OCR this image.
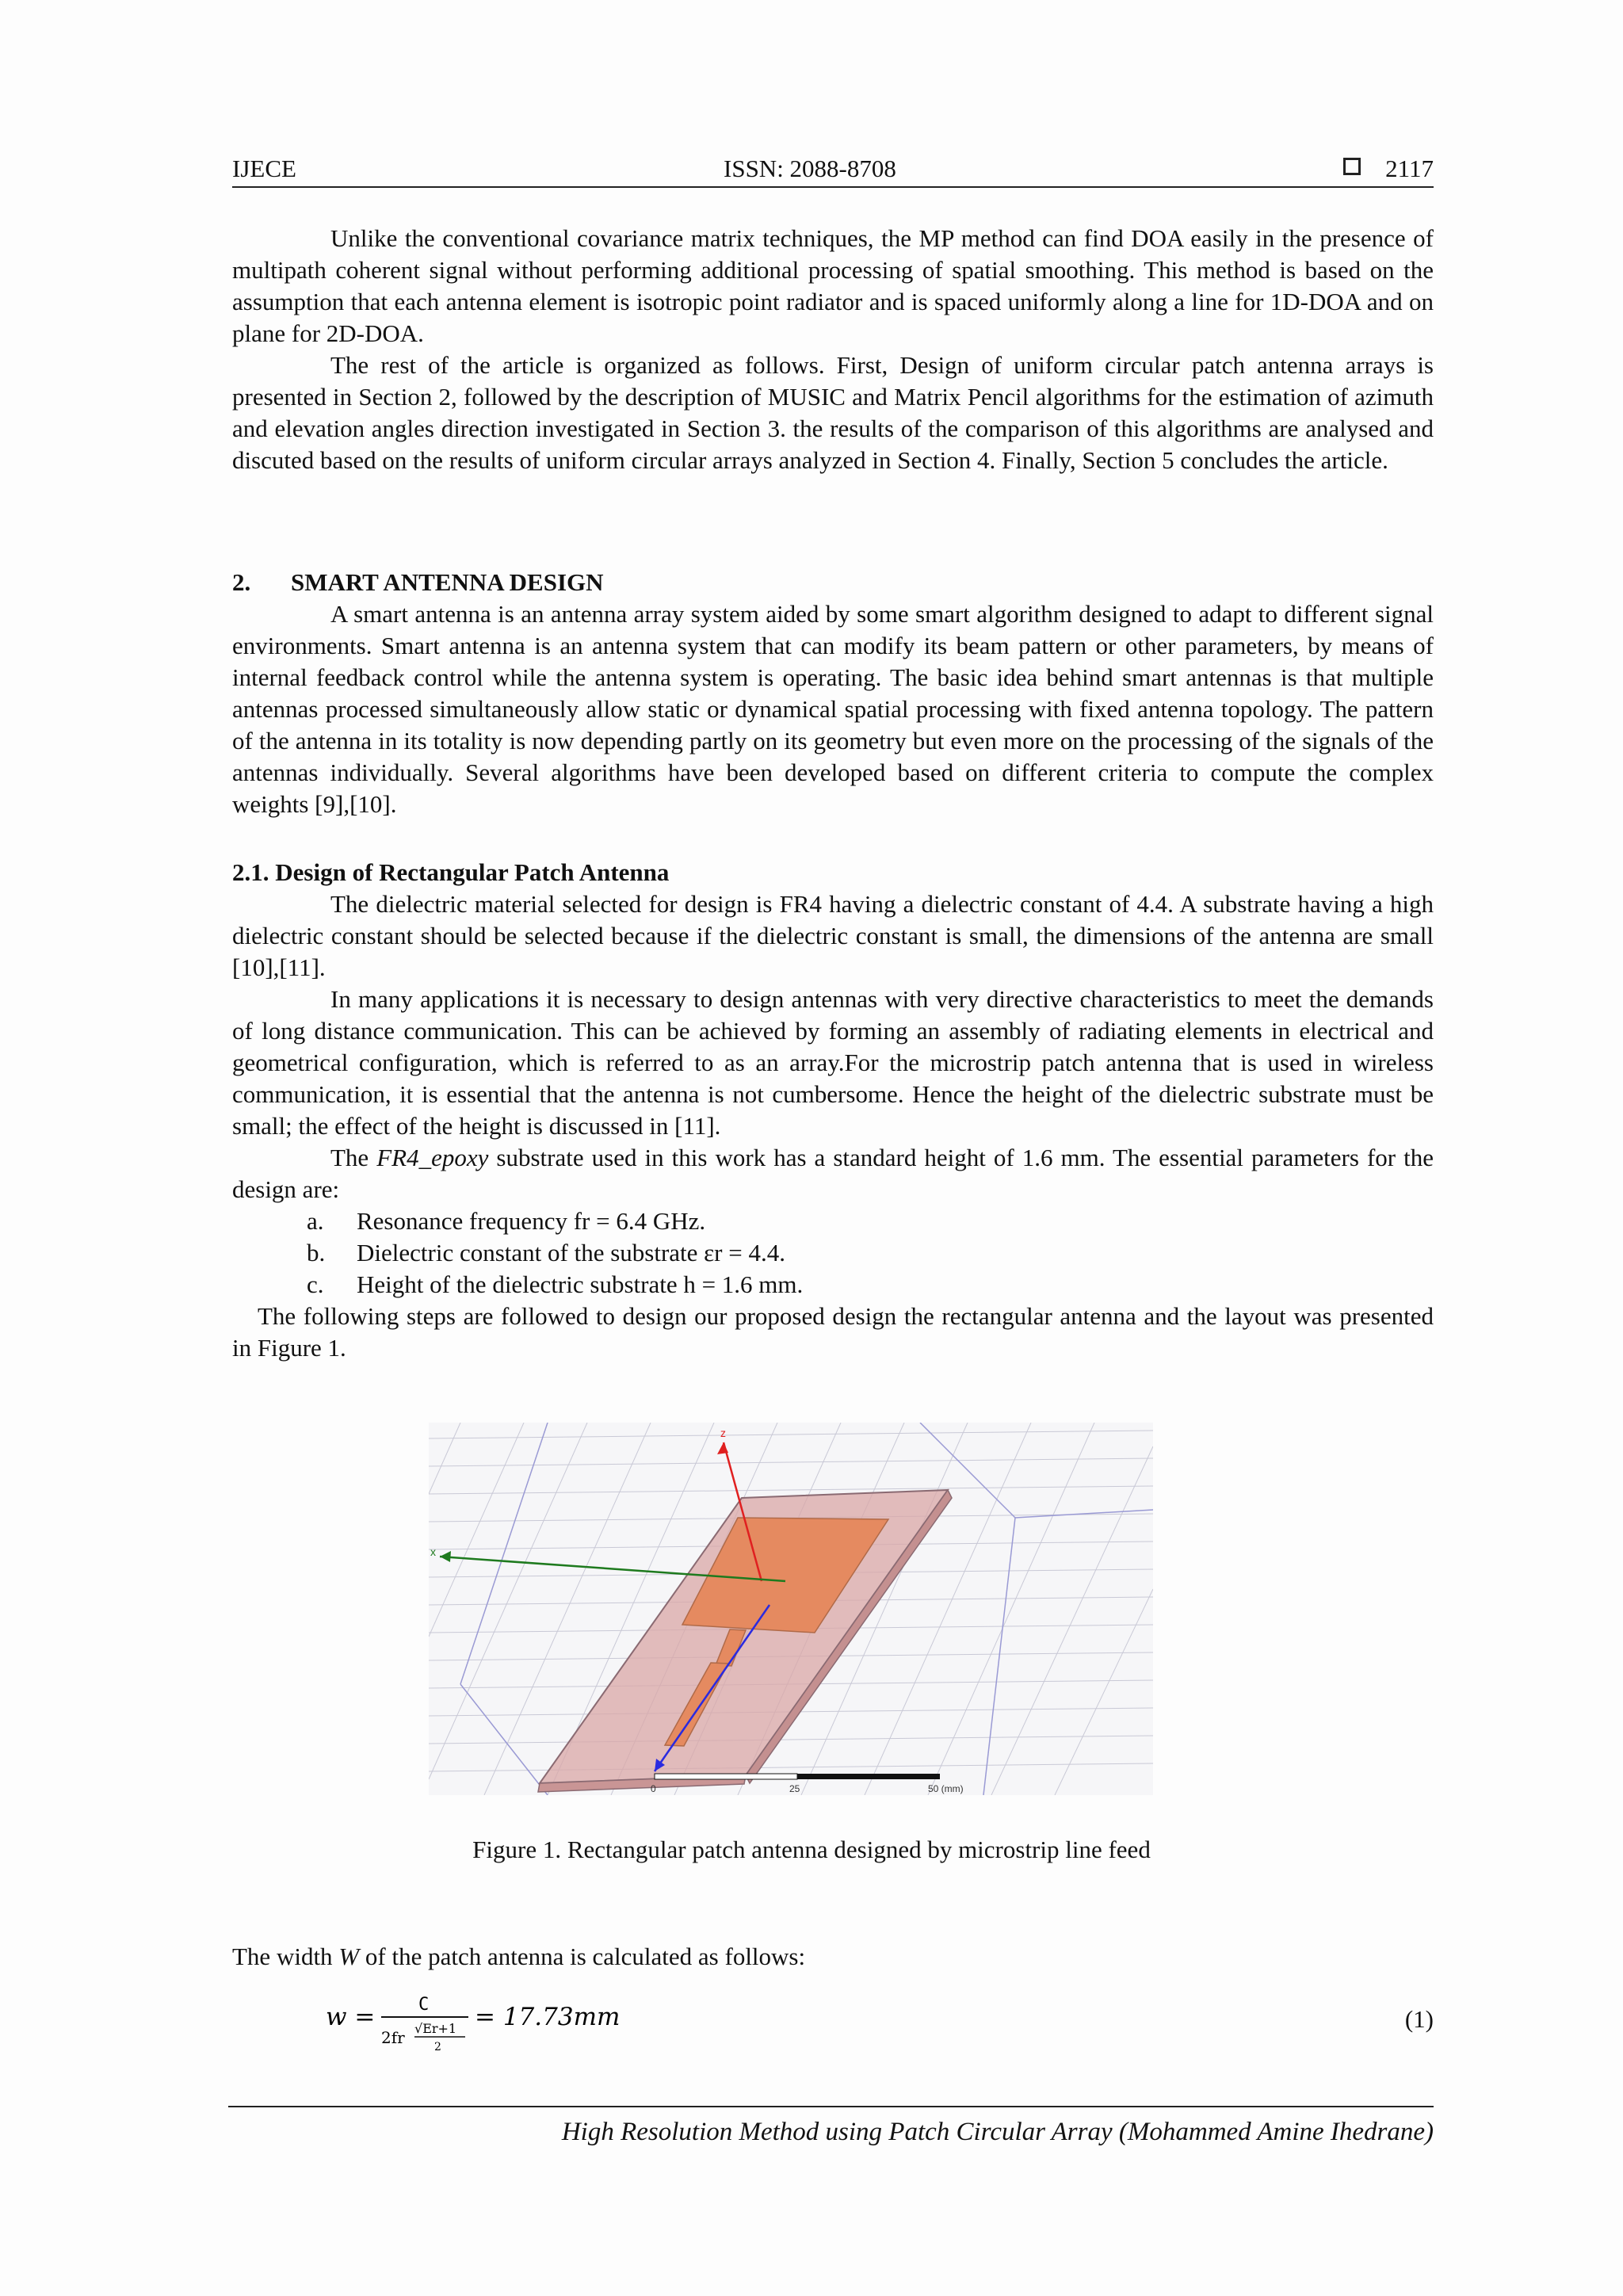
IJECE	ISSN: 2088-8708	2117

Unlike the conventional covariance matrix techniques, the MP method can find DOA easily in the presence of multipath coherent signal without performing additional processing of spatial smoothing. This method is based on the assumption that each antenna element is isotropic point radiator and is spaced uniformly along a line for 1D-DOA and on plane for 2D-DOA.

The rest of the article is organized as follows. First, Design of uniform circular patch antenna arrays is presented in Section 2, followed by the description of MUSIC and Matrix Pencil algorithms for the estimation of azimuth and elevation angles direction investigated in Section 3. the results of the comparison of this algorithms are analysed and discuted based on the results of uniform circular arrays analyzed in Section 4. Finally, Section 5 concludes the article.

2. SMART ANTENNA DESIGN

A smart antenna is an antenna array system aided by some smart algorithm designed to adapt to different signal environments. Smart antenna is an antenna system that can modify its beam pattern or other parameters, by means of internal feedback control while the antenna system is operating. The basic idea behind smart antennas is that multiple antennas processed simultaneously allow static or dynamical spatial processing with fixed antenna topology. The pattern of the antenna in its totality is now depending partly on its geometry but even more on the processing of the signals of the antennas individually. Several algorithms have been developed based on different criteria to compute the complex weights [9],[10].

2.1. Design of Rectangular Patch Antenna

The dielectric material selected for design is FR4 having a dielectric constant of 4.4. A substrate having a high dielectric constant should be selected because if the dielectric constant is small, the dimensions of the antenna are small [10],[11].

In many applications it is necessary to design antennas with very directive characteristics to meet the demands of long distance communication. This can be achieved by forming an assembly of radiating elements in electrical and geometrical configuration, which is referred to as an array.For the microstrip patch antenna that is used in wireless communication, it is essential that the antenna is not cumbersome. Hence the height of the dielectric substrate must be small; the effect of the height is discussed in [11].

The FR4_epoxy substrate used in this work has a standard height of 1.6 mm. The essential parameters for the design are:

a. Resonance frequency fr = 6.4 GHz.
b. Dielectric constant of the substrate εr = 4.4.
c. Height of the dielectric substrate h = 1.6 mm.

The following steps are followed to design our proposed design the rectangular antenna and the layout was presented in Figure 1.

z
x
0	25	50 (mm)
Figure 1. Rectangular patch antenna designed by microstrip line feed

The width W of the patch antenna is calculated as follows:

w = C
2fr √Er+1
2
= 17.73mm	(1)
High Resolution Method using Patch Circular Array (Mohammed Amine Ihedrane)
